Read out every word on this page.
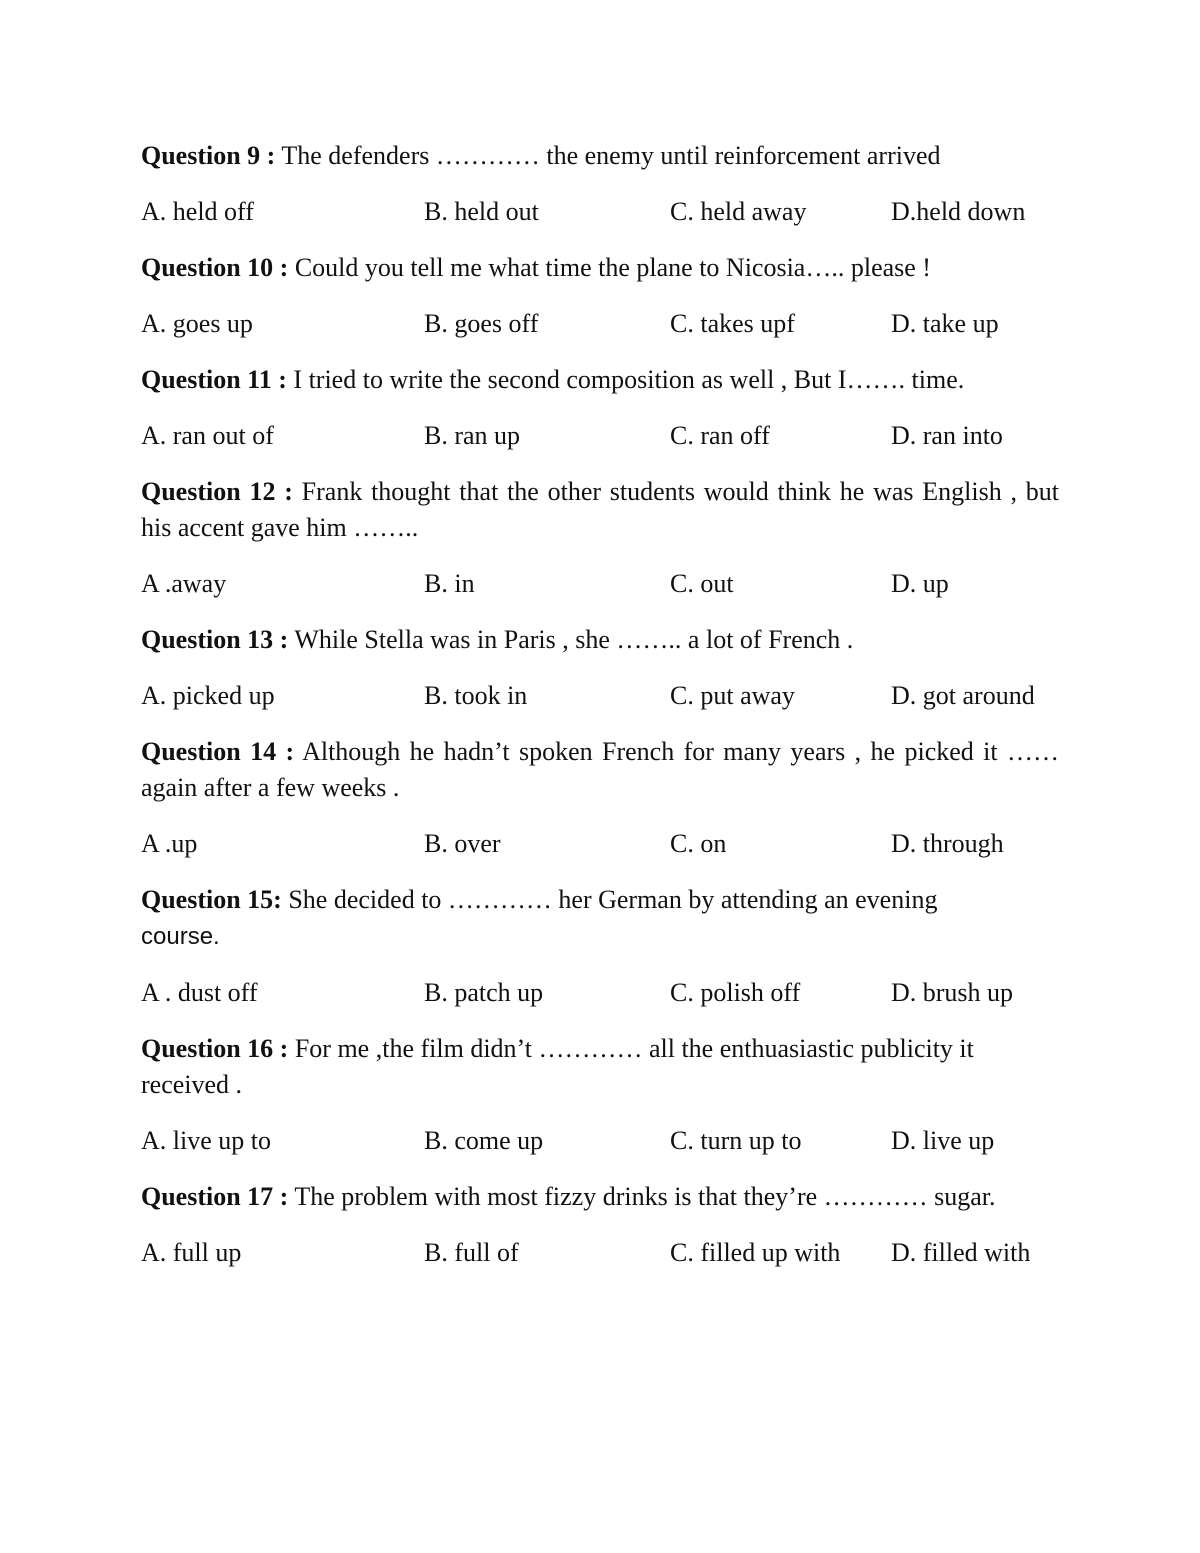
Question 9 : The defenders ………… the enemy until reinforcement arrived

A. held off	B. held out	C. held away	D.held down

Question 10 : Could you tell me what time the plane to Nicosia….. please !

A. goes up	B. goes off	C. takes upf	D. take up

Question 11 : I tried to write the second composition as well , But I……. time.

A. ran out of	B. ran up	C. ran off	D. ran into

Question 12 : Frank thought that the other students would think he was English , but his accent gave him ……..

A .away	B. in	C. out	D. up

Question 13 : While Stella was in Paris , she …….. a lot of French .

A. picked up	B. took in	C. put away	D. got around

Question 14 : Although he hadn’t spoken French for many years , he picked it …… again after a few weeks .

A .up	B. over	C. on	D. through

Question 15: She decided to ………… her German by attending an evening
course.

A . dust off	B. patch up	C. polish off	D. brush up

Question 16 : For me ,the film didn’t ………… all the enthuasiastic publicity it
received .

A. live up to	B. come up	C. turn up to	D. live up

Question 17 : The problem with most fizzy drinks is that they’re ………… sugar.

A. full up	B. full of	C. filled up with	D. filled with
